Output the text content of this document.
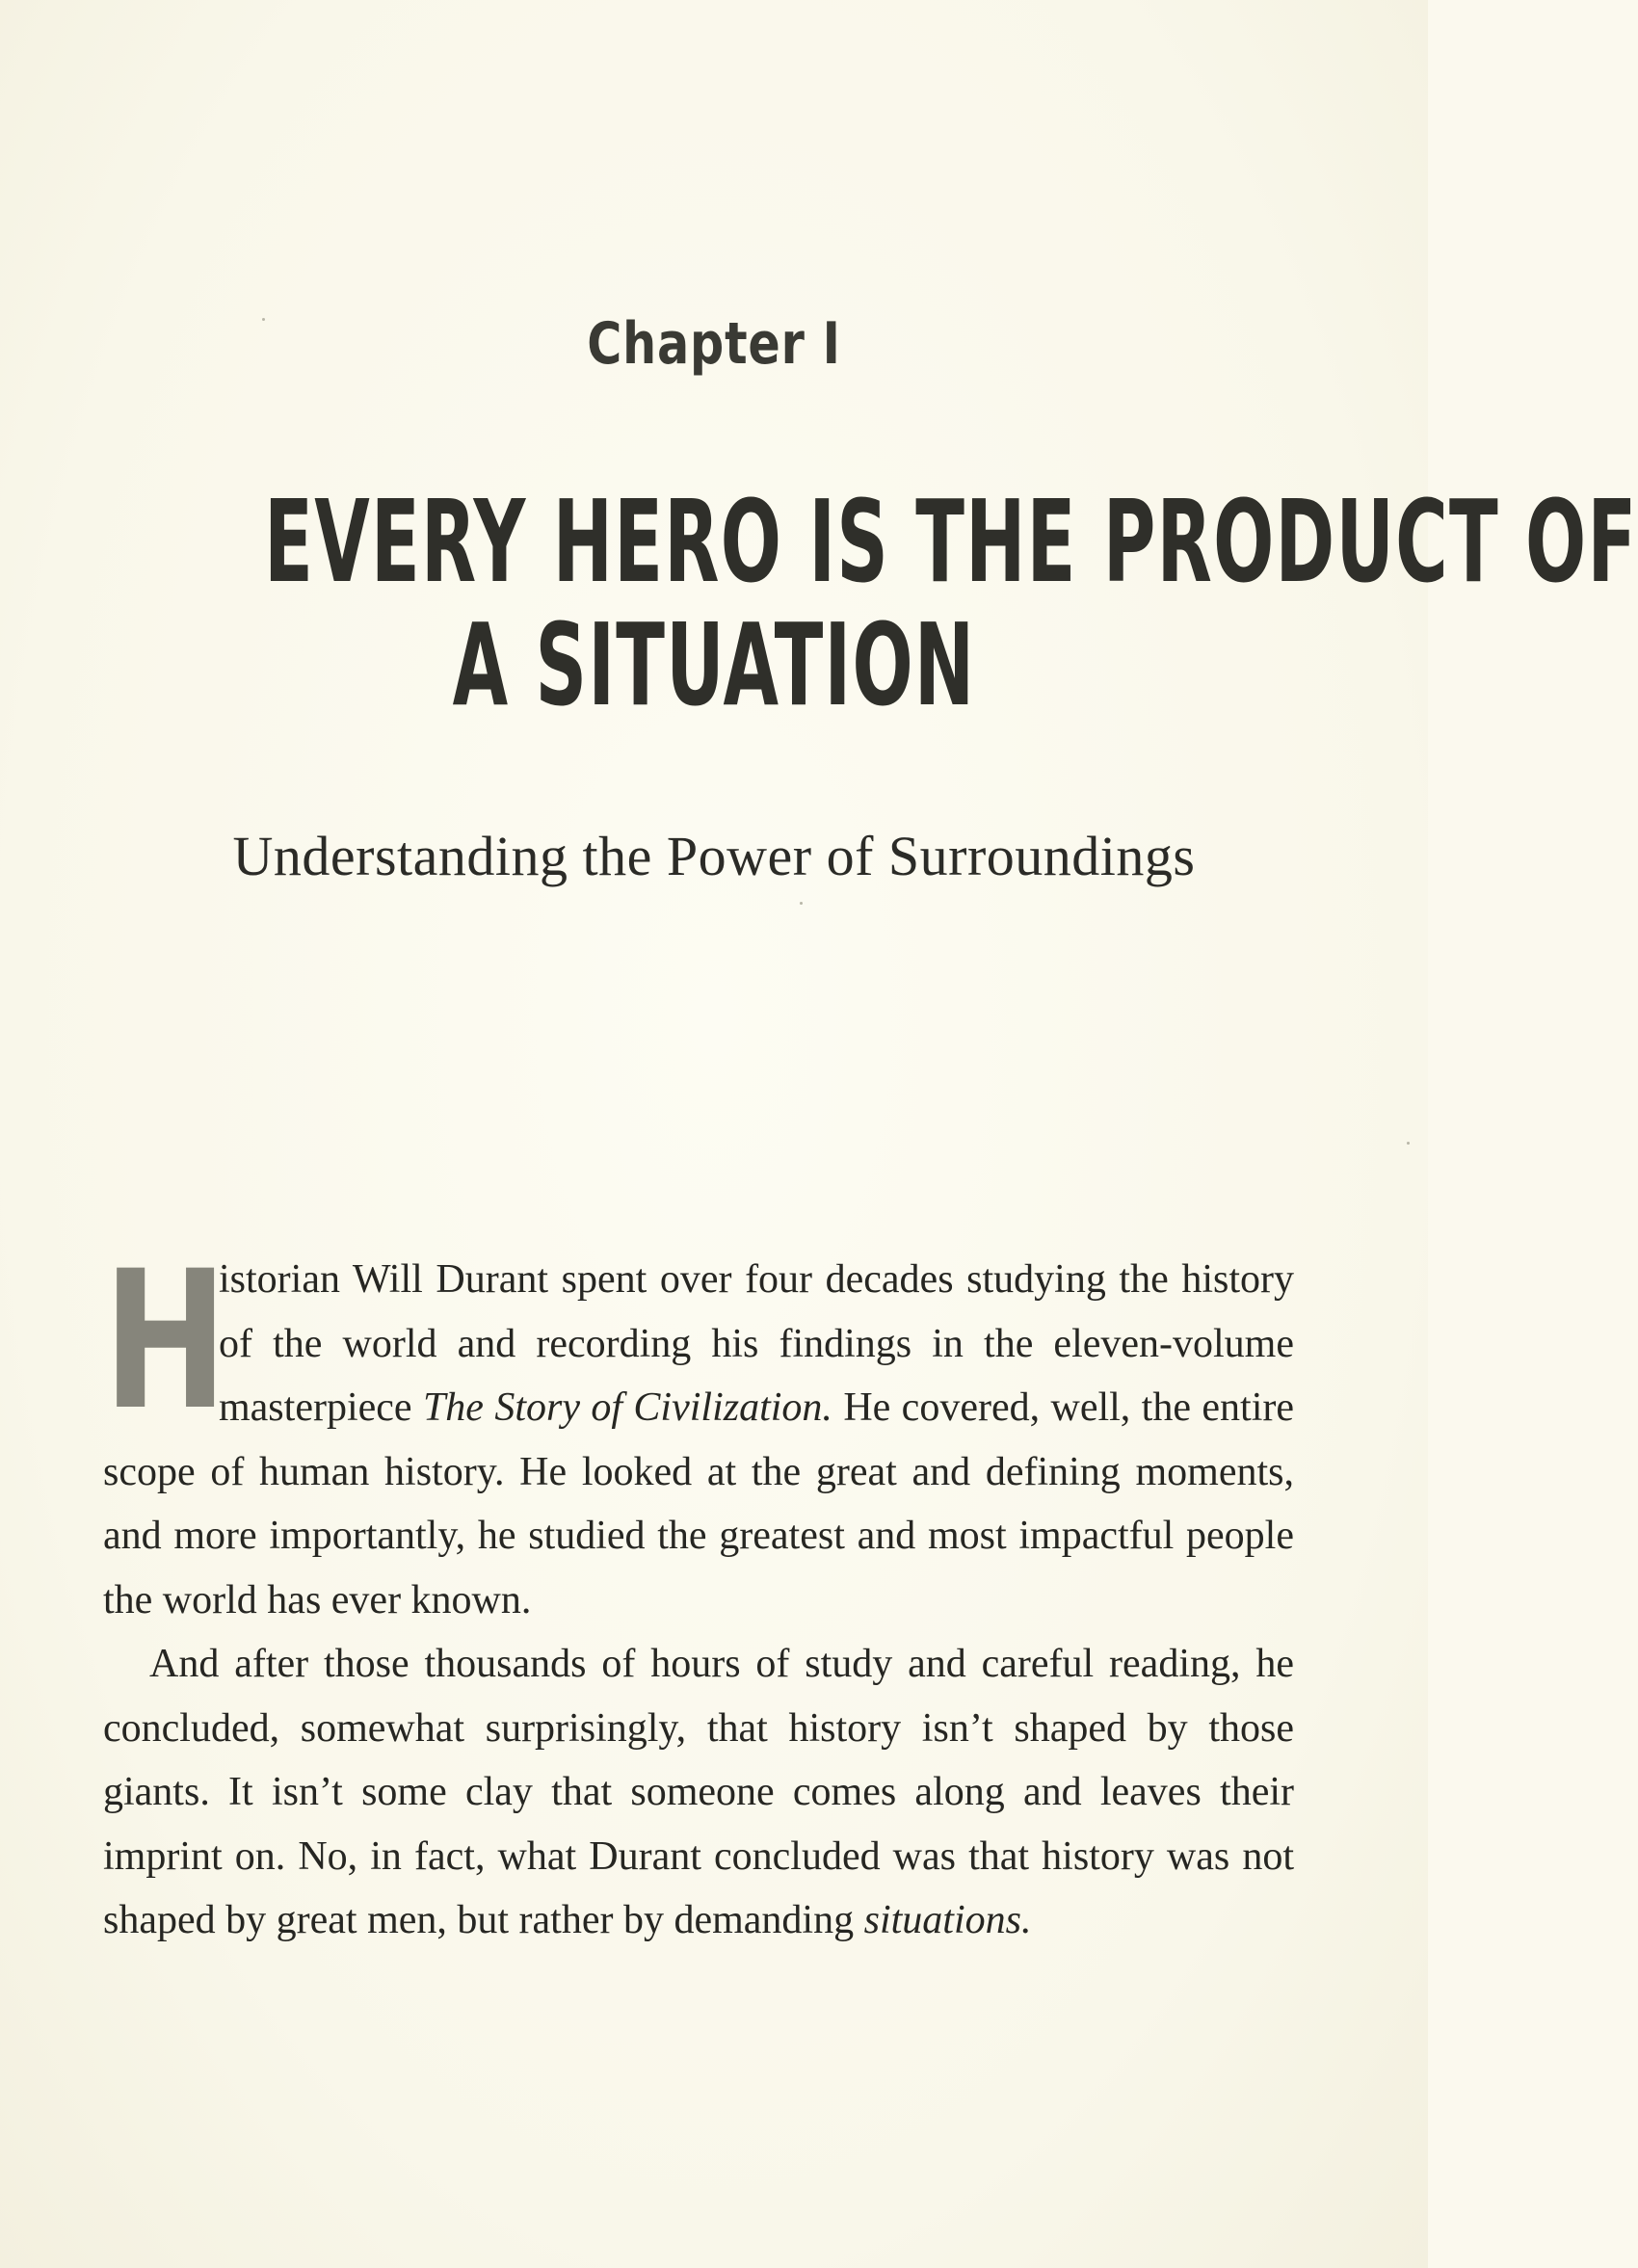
Chapter I
EVERY HERO IS THE PRODUCT OF
A SITUATION
Understanding the Power of Surroundings

H
istorian Will Durant spent over four decades studying the history of the world and recording his findings in the eleven-volume masterpiece The Story of Civilization. He covered, well, the entire scope of human history. He looked at the great and defining moments, and more importantly, he studied the greatest and most impactful people the world has ever known.

And after those thousands of hours of study and careful reading, he concluded, somewhat surprisingly, that history isn’t shaped by those giants. It isn’t some clay that someone comes along and leaves their imprint on. No, in fact, what Durant concluded was that history was not shaped by great men, but rather by demanding situations.
